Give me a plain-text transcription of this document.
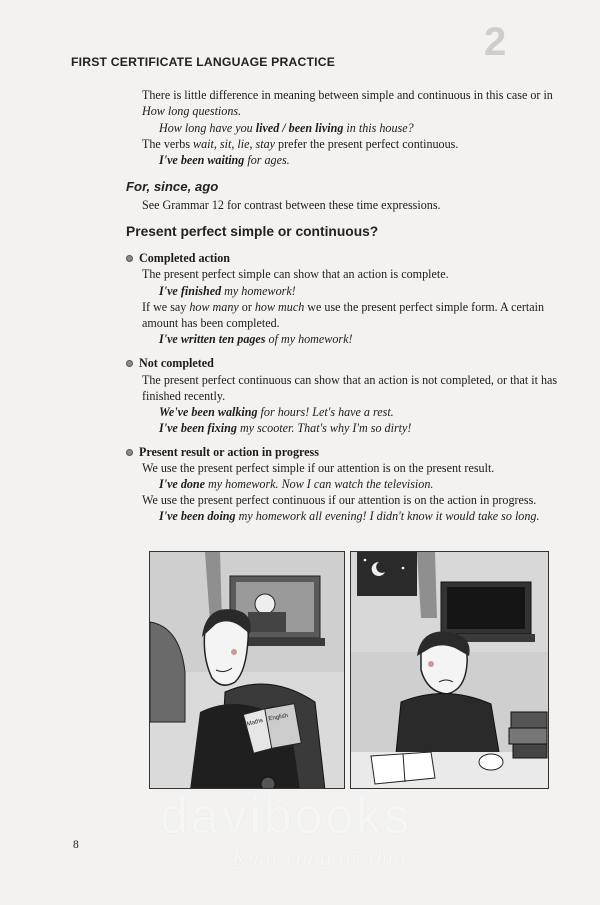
2
FIRST CERTIFICATE LANGUAGE PRACTICE
There is little difference in meaning between simple and continuous in this case or in
How long questions.
How long have you lived / been living in this house?
The verbs wait, sit, lie, stay prefer the present perfect continuous.
I've been waiting for ages.
For, since, ago
See Grammar 12 for contrast between these time expressions.
Present perfect simple or continuous?
Completed action
The present perfect simple can show that an action is complete.
I've finished my homework!
If we say how many or how much we use the present perfect simple form. A certain
amount has been completed.
I've written ten pages of my homework!
Not completed
The present perfect continuous can show that an action is not completed, or that it has
finished recently.
We've been walking for hours! Let's have a rest.
I've been fixing my scooter. That's why I'm so dirty!
Present result or action in progress
We use the present perfect simple if our attention is on the present result.
I've done my homework. Now I can watch the television.
We use the present perfect continuous if our attention is on the action in progress.
I've been doing my homework all evening! I didn't know it would take so long.
Maths
English
8
davibooks
Khát vọng tri thức
